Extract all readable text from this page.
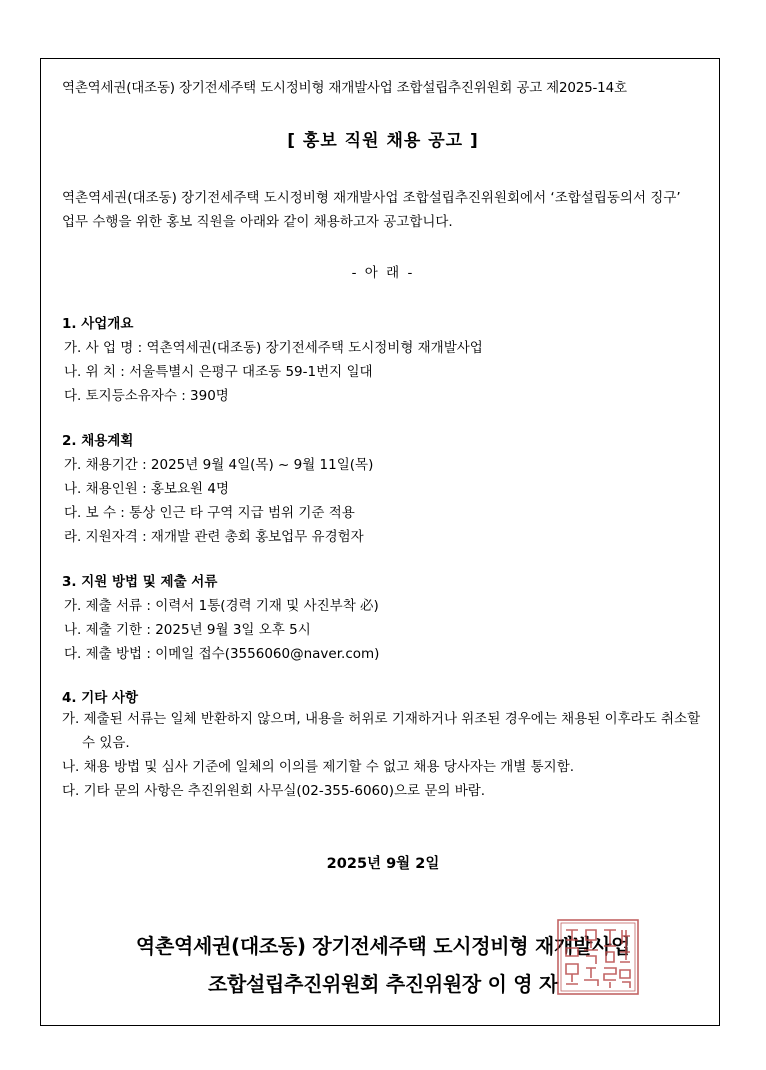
역촌역세권(대조동) 장기전세주택 도시정비형 재개발사업 조합설립추진위원회 공고 제2025-14호
[ 홍보 직원 채용 공고 ]
역촌역세권(대조동) 장기전세주택 도시정비형 재개발사업 조합설립추진위원회에서 ‘조합설립동의서 징구’ 업무 수행을 위한 홍보 직원을 아래와 같이 채용하고자 공고합니다.
- 아 래 -
1. 사업개요
가. 사 업 명 : 역촌역세권(대조동) 장기전세주택 도시정비형 재개발사업
나. 위 치 : 서울특별시 은평구 대조동 59-1번지 일대
다. 토지등소유자수 : 390명
2. 채용계획
가. 채용기간 : 2025년 9월 4일(목) ~ 9월 11일(목)
나. 채용인원 : 홍보요원 4명
다. 보 수 : 통상 인근 타 구역 지급 범위 기준 적용
라. 지원자격 : 재개발 관련 총회 홍보업무 유경험자
3. 지원 방법 및 제출 서류
가. 제출 서류 : 이력서 1통(경력 기재 및 사진부착 必)
나. 제출 기한 : 2025년 9월 3일 오후 5시
다. 제출 방법 : 이메일 접수(3556060@naver.com)
4. 기타 사항
가. 제출된 서류는 일체 반환하지 않으며, 내용을 허위로 기재하거나 위조된 경우에는 채용된 이후라도 취소할 수 있음.
나. 채용 방법 및 심사 기준에 일체의 이의를 제기할 수 없고 채용 당사자는 개별 통지함.
다. 기타 문의 사항은 추진위원회 사무실(02-355-6060)으로 문의 바람.
2025년 9월 2일
역촌역세권(대조동) 장기전세주택 도시정비형 재개발사업
조합설립추진위원회 추진위원장 이 영 자
